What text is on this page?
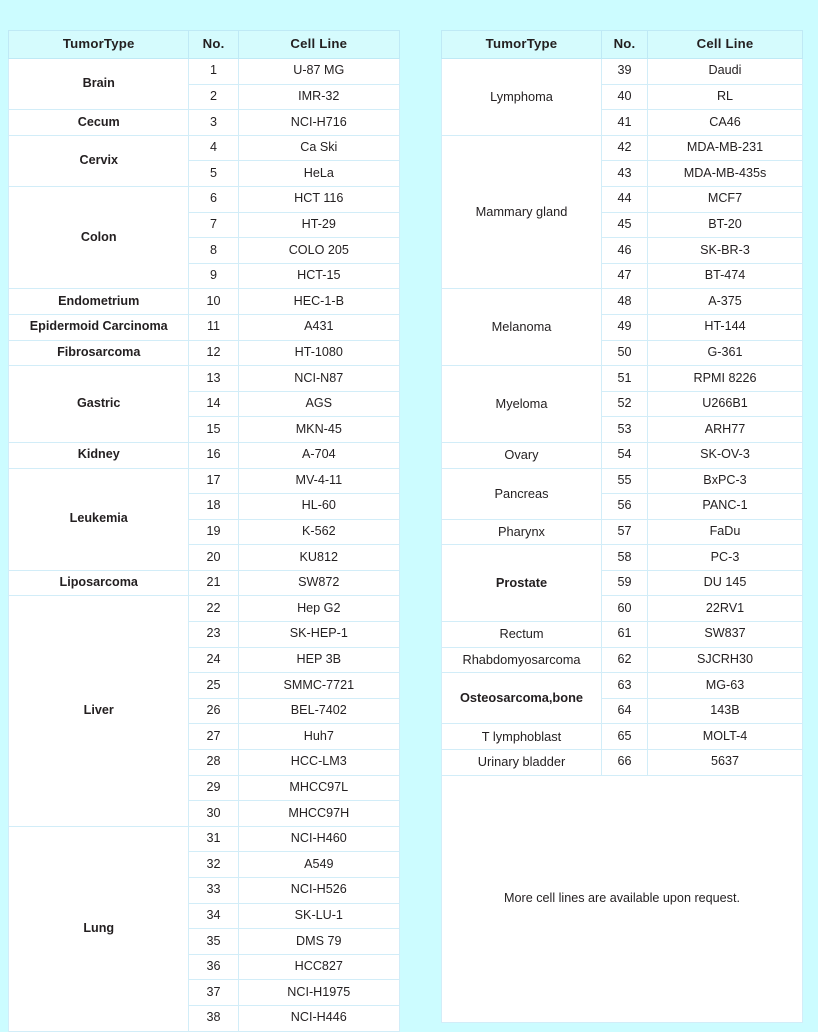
TumorType	No.	Cell Line
Brain	1	U-87 MG
	2	IMR-32
Cecum	3	NCI-H716
Cervix	4	Ca Ski
	5	HeLa
Colon	6	HCT 116
	7	HT-29
	8	COLO 205
	9	HCT-15
Endometrium	10	HEC-1-B
Epidermoid Carcinoma	11	A431
Fibrosarcoma	12	HT-1080
Gastric	13	NCI-N87
	14	AGS
	15	MKN-45
Kidney	16	A-704
Leukemia	17	MV-4-11
	18	HL-60
	19	K-562
	20	KU812
Liposarcoma	21	SW872
Liver	22	Hep G2
	23	SK-HEP-1
	24	HEP 3B
	25	SMMC-7721
	26	BEL-7402
	27	Huh7
	28	HCC-LM3
	29	MHCC97L
	30	MHCC97H
Lung	31	NCI-H460
	32	A549
	33	NCI-H526
	34	SK-LU-1
	35	DMS 79
	36	HCC827
	37	NCI-H1975
	38	NCI-H446
TumorType	No.	Cell Line
Lymphoma	39	Daudi
	40	RL
	41	CA46
Mammary gland	42	MDA-MB-231
	43	MDA-MB-435s
	44	MCF7
	45	BT-20
	46	SK-BR-3
	47	BT-474
Melanoma	48	A-375
	49	HT-144
	50	G-361
Myeloma	51	RPMI 8226
	52	U266B1
	53	ARH77
Ovary	54	SK-OV-3
Pancreas	55	BxPC-3
	56	PANC-1
Pharynx	57	FaDu
Prostate	58	PC-3
	59	DU 145
	60	22RV1
Rectum	61	SW837
Rhabdomyosarcoma	62	SJCRH30
Osteosarcoma,bone	63	MG-63
	64	143B
T lymphoblast	65	MOLT-4
Urinary bladder	66	5637
More cell lines are available upon request.		
